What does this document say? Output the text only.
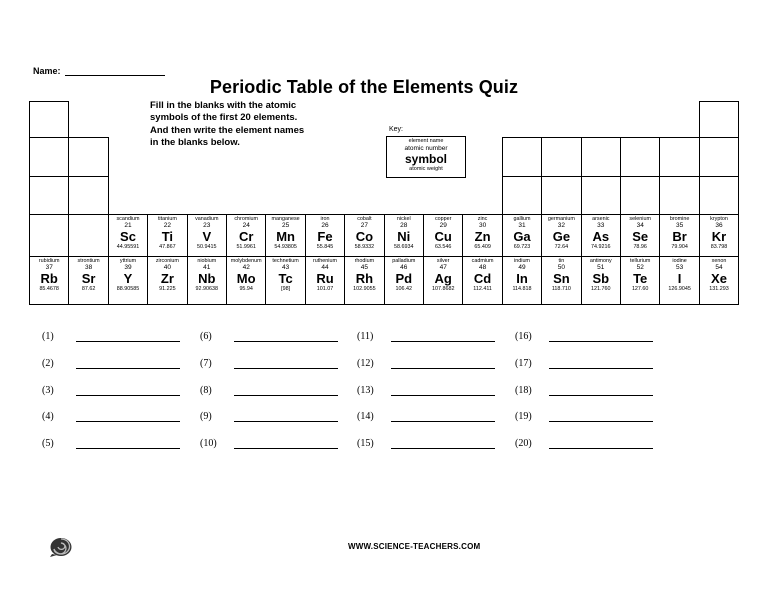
Name:
Periodic Table of the Elements Quiz
Fill in the blanks with the atomic
symbols of the first 20 elements.
And then write the element names
in the blanks below.
Key:
element name
atomic number
symbol
atomic weight
scandium
21
Sc
44.95591
titanium
22
Ti
47.867
vanadium
23
V
50.9415
chromium
24
Cr
51.9961
manganese
25
Mn
54.93805
iron
26
Fe
55.845
cobalt
27
Co
58.9332
nickel
28
Ni
58.6934
copper
29
Cu
63.546
zinc
30
Zn
65.409
gallium
31
Ga
69.723
germanium
32
Ge
72.64
arsenic
33
As
74.9216
selenium
34
Se
78.96
bromine
35
Br
79.904
krypton
36
Kr
83.798
rubidium
37
Rb
85.4678
strontium
38
Sr
87.62
yttrium
39
Y
88.90585
zirconium
40
Zr
91.225
niobium
41
Nb
92.90638
molybdenum
42
Mo
95.94
technetium
43
Tc
[98]
ruthenium
44
Ru
101.07
rhodium
45
Rh
102.9055
palladium
46
Pd
106.42
silver
47
Ag
107.8682
cadmium
48
Cd
112.411
indium
49
In
114.818
tin
50
Sn
118.710
antimony
51
Sb
121.760
tellurium
52
Te
127.60
iodine
53
I
126.9045
xenon
54
Xe
131.293
(1)
(2)
(3)
(4)
(5)
(6)
(7)
(8)
(9)
(10)
(11)
(12)
(13)
(14)
(15)
(16)
(17)
(18)
(19)
(20)
WWW.SCIENCE-TEACHERS.COM
